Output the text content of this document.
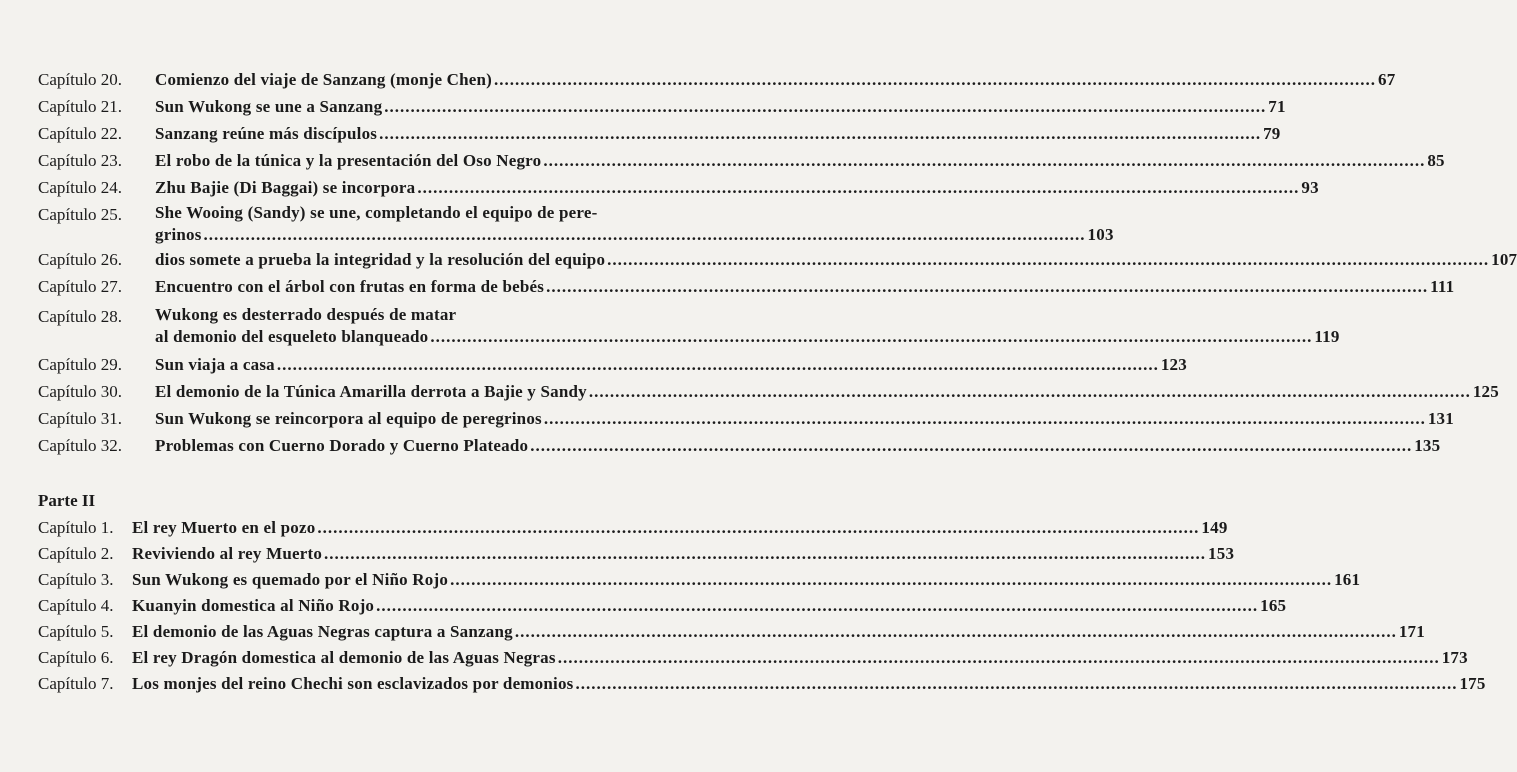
Capítulo 20.	Comienzo del viaje de Sanzang (monje Chen) .....	67
Capítulo 21.	Sun Wukong se une a Sanzang .....	71
Capítulo 22.	Sanzang reúne más discípulos .....	79
Capítulo 23.	El robo de la túnica y la presentación del Oso Negro .....	85
Capítulo 24.	Zhu Bajie (Di Baggai) se incorpora .....	93
Capítulo 25.	She Wooing (Sandy) se une, completando el equipo de pere-
grinos .....	103
Capítulo 26.	dios somete a prueba la integridad y la resolución del equipo .....	107
Capítulo 27.	Encuentro con el árbol con frutas en forma de bebés .....	111
Capítulo 28.	Wukong es desterrado después de matar
al demonio del esqueleto blanqueado .....	119
Capítulo 29.	Sun viaja a casa .....	123
Capítulo 30.	El demonio de la Túnica Amarilla derrota a Bajie y Sandy .....	125
Capítulo 31.	Sun Wukong se reincorpora al equipo de peregrinos .....	131
Capítulo 32.	Problemas con Cuerno Dorado y Cuerno Plateado .....	135
Parte II
Capítulo 1.	El rey Muerto en el pozo .....	149
Capítulo 2.	Reviviendo al rey Muerto .....	153
Capítulo 3.	Sun Wukong es quemado por el Niño Rojo .....	161
Capítulo 4.	Kuanyin domestica al Niño Rojo .....	165
Capítulo 5.	El demonio de las Aguas Negras captura a Sanzang .....	171
Capítulo 6.	El rey Dragón domestica al demonio de las Aguas Negras .....	173
Capítulo 7.	Los monjes del reino Chechi son esclavizados por demonios .....	175
